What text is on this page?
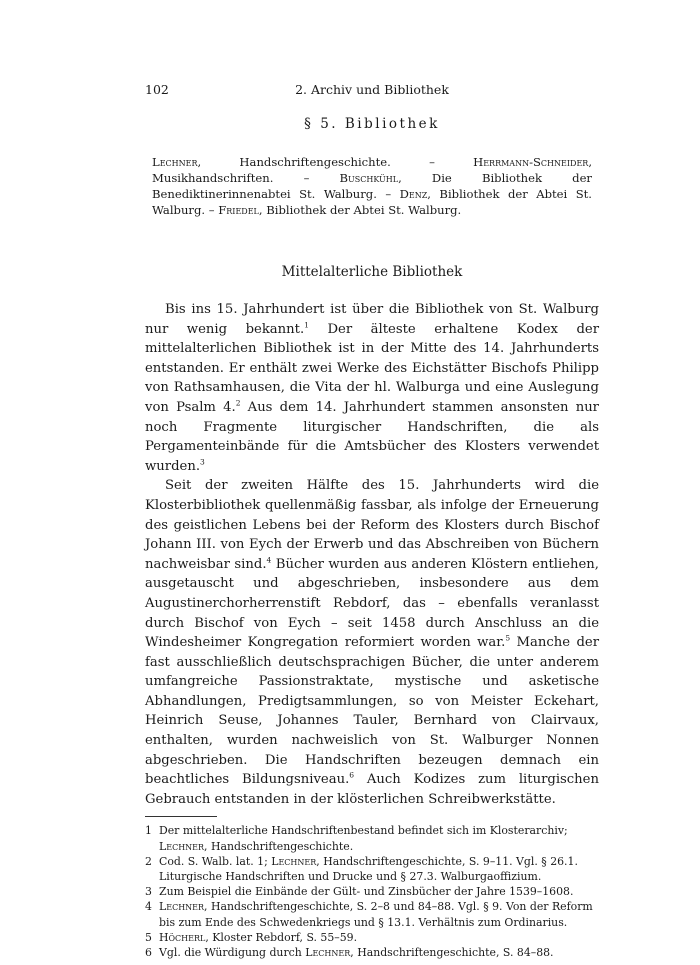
102	2. Archiv und Bibliothek
§ 5. Bibliothek
Lechner, Handschriftengeschichte. – Herrmann-Schneider, Musikhandschriften. – Buschkühl, Die Bibliothek der Benediktinerinnenabtei St. Walburg. – Denz, Bibliothek der Abtei St. Walburg. – Friedel, Bibliothek der Abtei St. Walburg.
Mittelalterliche Bibliothek

Bis ins 15. Jahrhundert ist über die Bibliothek von St. Walburg nur wenig bekannt.$^1$ Der älteste erhaltene Kodex der mittelalterlichen Bibliothek ist in der Mitte des 14. Jahrhunderts entstanden. Er enthält zwei Werke des Eichstätter Bischofs Philipp von Rathsamhausen, die Vita der hl. Walburga und eine Auslegung von Psalm 4.$^2$ Aus dem 14. Jahrhundert stammen ansonsten nur noch Fragmente liturgischer Handschriften, die als Pergamenteinbände für die Amtsbücher des Klosters verwendet wurden.$^3$

Seit der zweiten Hälfte des 15. Jahrhunderts wird die Klosterbibliothek quellenmäßig fassbar, als infolge der Erneuerung des geistlichen Lebens bei der Reform des Klosters durch Bischof Johann III. von Eych der Erwerb und das Abschreiben von Büchern nachweisbar sind.$^4$ Bücher wurden aus anderen Klöstern entliehen, ausgetauscht und abgeschrieben, insbesondere aus dem Augustinerchorherrenstift Rebdorf, das – ebenfalls veranlasst durch Bischof von Eych – seit 1458 durch Anschluss an die Windesheimer Kongregation reformiert worden war.$^5$ Manche der fast ausschließlich deutschsprachigen Bücher, die unter anderem umfangreiche Passionstraktate, mystische und asketische Abhandlungen, Predigtsammlungen, so von Meister Eckehart, Heinrich Seuse, Johannes Tauler, Bernhard von Clairvaux, enthalten, wurden nachweislich von St. Walburger Nonnen abgeschrieben. Die Handschriften bezeugen demnach ein beachtliches Bildungsniveau.$^6$ Auch Kodizes zum liturgischen Gebrauch entstanden in der klösterlichen Schreibwerkstätte.

1 Der mittelalterliche Handschriftenbestand befindet sich im Klosterarchiv; Lechner, Handschriftengeschichte.
2 Cod. S. Walb. lat. 1; Lechner, Handschriftengeschichte, S. 9–11. Vgl. § 26.1. Liturgische Handschriften und Drucke und § 27.3. Walburgaoffizium.
3 Zum Beispiel die Einbände der Gült- und Zinsbücher der Jahre 1539–1608.
4 Lechner, Handschriftengeschichte, S. 2–8 und 84–88. Vgl. § 9. Von der Reform bis zum Ende des Schwedenkriegs und § 13.1. Verhältnis zum Ordinarius.
5 Höcherl, Kloster Rebdorf, S. 55–59.
6 Vgl. die Würdigung durch Lechner, Handschriftengeschichte, S. 84–88.
